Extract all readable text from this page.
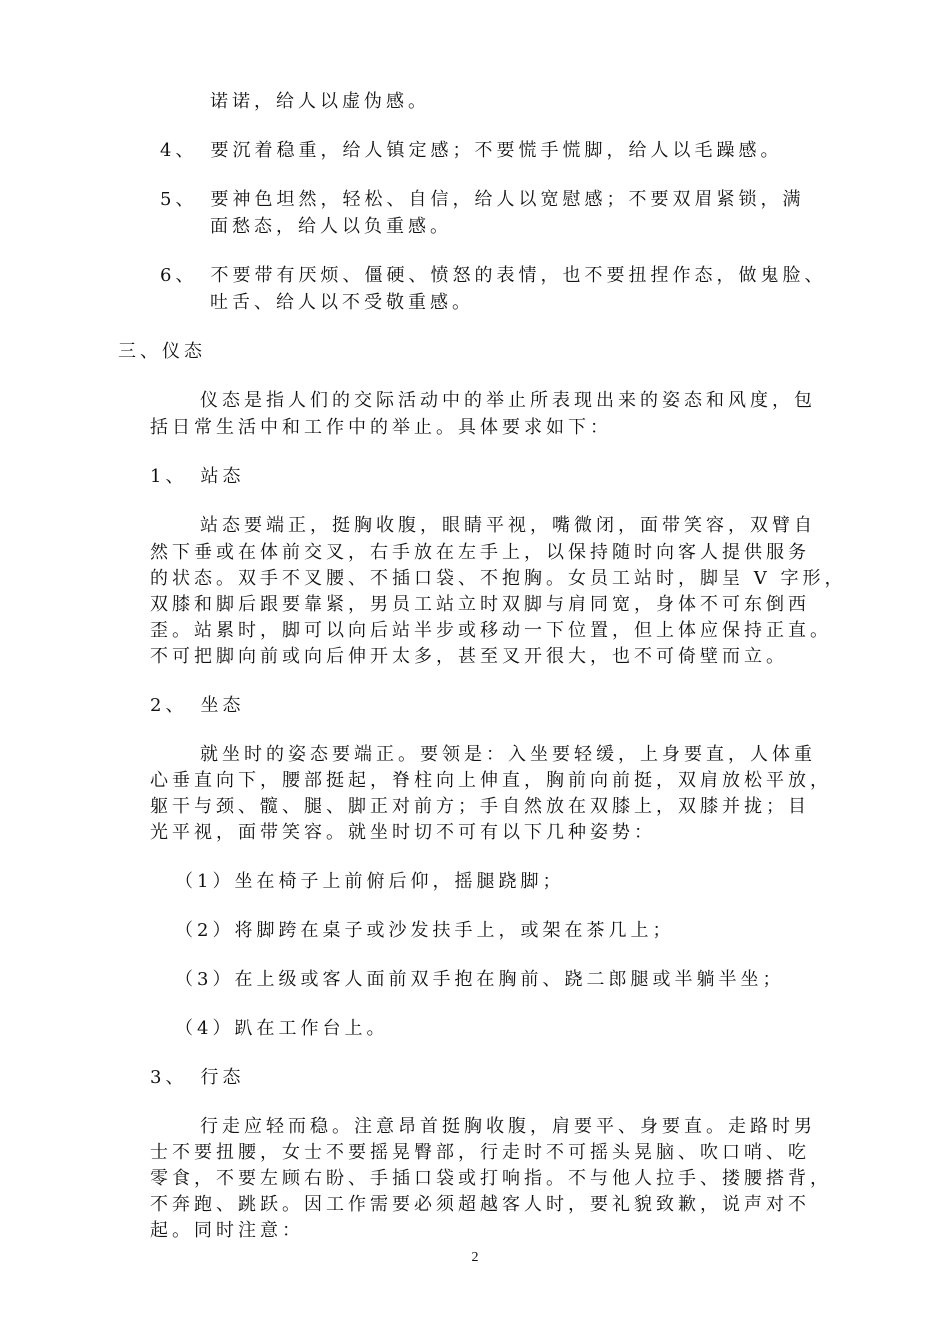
诺诺，给人以虚伪感。
4、　要沉着稳重，给人镇定感；不要慌手慌脚，给人以毛躁感。
5、　要神色坦然，轻松、自信，给人以宽慰感；不要双眉紧锁，满
面愁态，给人以负重感。
6、　不要带有厌烦、僵硬、愤怒的表情，也不要扭捏作态，做鬼脸、
吐舌、给人以不受敬重感。
三、仪态
仪态是指人们的交际活动中的举止所表现出来的姿态和风度，包
括日常生活中和工作中的举止。具体要求如下：
1、　站态
站态要端正，挺胸收腹，眼睛平视，嘴微闭，面带笑容，双臂自
然下垂或在体前交叉，右手放在左手上，以保持随时向客人提供服务
的状态。双手不叉腰、不插口袋、不抱胸。女员工站时，脚呈 V 字形，
双膝和脚后跟要靠紧，男员工站立时双脚与肩同宽，身体不可东倒西
歪。站累时，脚可以向后站半步或移动一下位置，但上体应保持正直。
不可把脚向前或向后伸开太多，甚至叉开很大，也不可倚壁而立。
2、　坐态
就坐时的姿态要端正。要领是：入坐要轻缓，上身要直，人体重
心垂直向下，腰部挺起，脊柱向上伸直，胸前向前挺，双肩放松平放，
躯干与颈、髋、腿、脚正对前方；手自然放在双膝上，双膝并拢；目
光平视，面带笑容。就坐时切不可有以下几种姿势：
（1）坐在椅子上前俯后仰，摇腿跷脚；
（2）将脚跨在桌子或沙发扶手上，或架在茶几上；
（3）在上级或客人面前双手抱在胸前、跷二郎腿或半躺半坐；
（4）趴在工作台上。
3、　行态
行走应轻而稳。注意昂首挺胸收腹，肩要平、身要直。走路时男
士不要扭腰，女士不要摇晃臀部，行走时不可摇头晃脑、吹口哨、吃
零食，不要左顾右盼、手插口袋或打响指。不与他人拉手、搂腰搭背，
不奔跑、跳跃。因工作需要必须超越客人时，要礼貌致歉，说声对不
起。同时注意：
2
